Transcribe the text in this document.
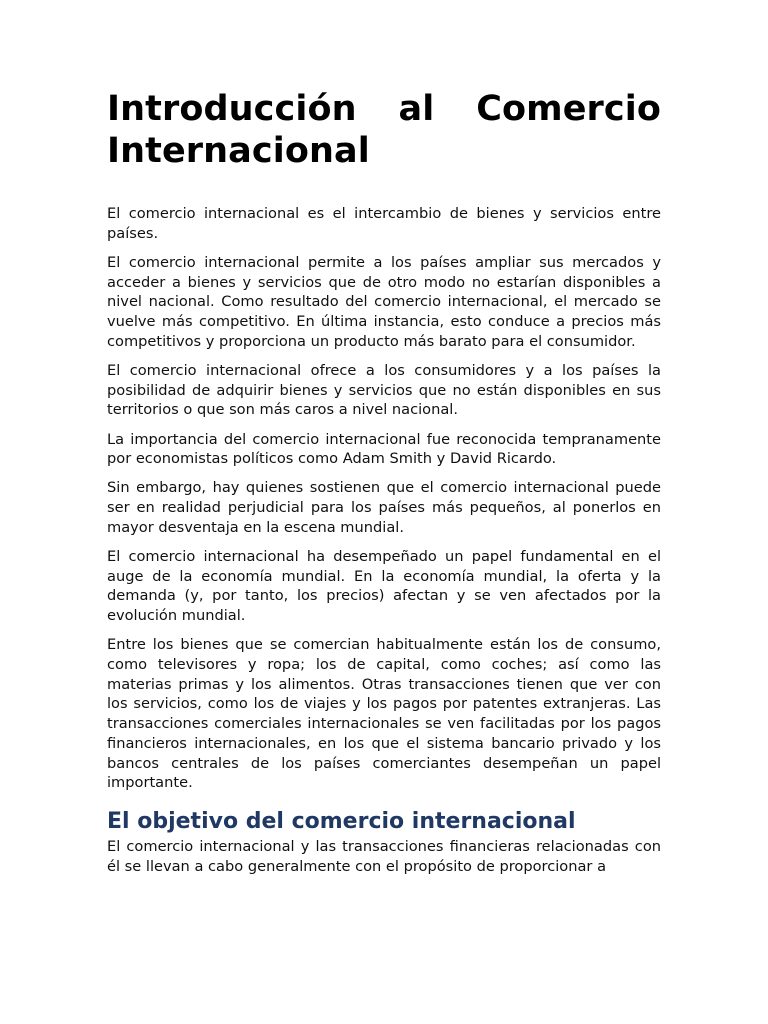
Introducción al Comercio
Internacional

El comercio internacional es el intercambio de bienes y servicios entre países.

El comercio internacional permite a los países ampliar sus mercados y acceder a bienes y servicios que de otro modo no estarían disponibles a nivel nacional. Como resultado del comercio internacional, el mercado se vuelve más competitivo. En última instancia, esto conduce a precios más competitivos y proporciona un producto más barato para el consumidor.

El comercio internacional ofrece a los consumidores y a los países la posibilidad de adquirir bienes y servicios que no están disponibles en sus territorios o que son más caros a nivel nacional.

La importancia del comercio internacional fue reconocida tempranamente por economistas políticos como Adam Smith y David Ricardo.

Sin embargo, hay quienes sostienen que el comercio internacional puede ser en realidad perjudicial para los países más pequeños, al ponerlos en mayor desventaja en la escena mundial.

El comercio internacional ha desempeñado un papel fundamental en el auge de la economía mundial. En la economía mundial, la oferta y la demanda (y, por tanto, los precios) afectan y se ven afectados por la evolución mundial.

Entre los bienes que se comercian habitualmente están los de consumo, como televisores y ropa; los de capital, como coches; así como las materias primas y los alimentos. Otras transacciones tienen que ver con los servicios, como los de viajes y los pagos por patentes extranjeras. Las transacciones comerciales internacionales se ven facilitadas por los pagos financieros internacionales, en los que el sistema bancario privado y los bancos centrales de los países comerciantes desempeñan un papel importante.

El objetivo del comercio internacional

El comercio internacional y las transacciones financieras relacionadas con él se llevan a cabo generalmente con el propósito de proporcionar a
